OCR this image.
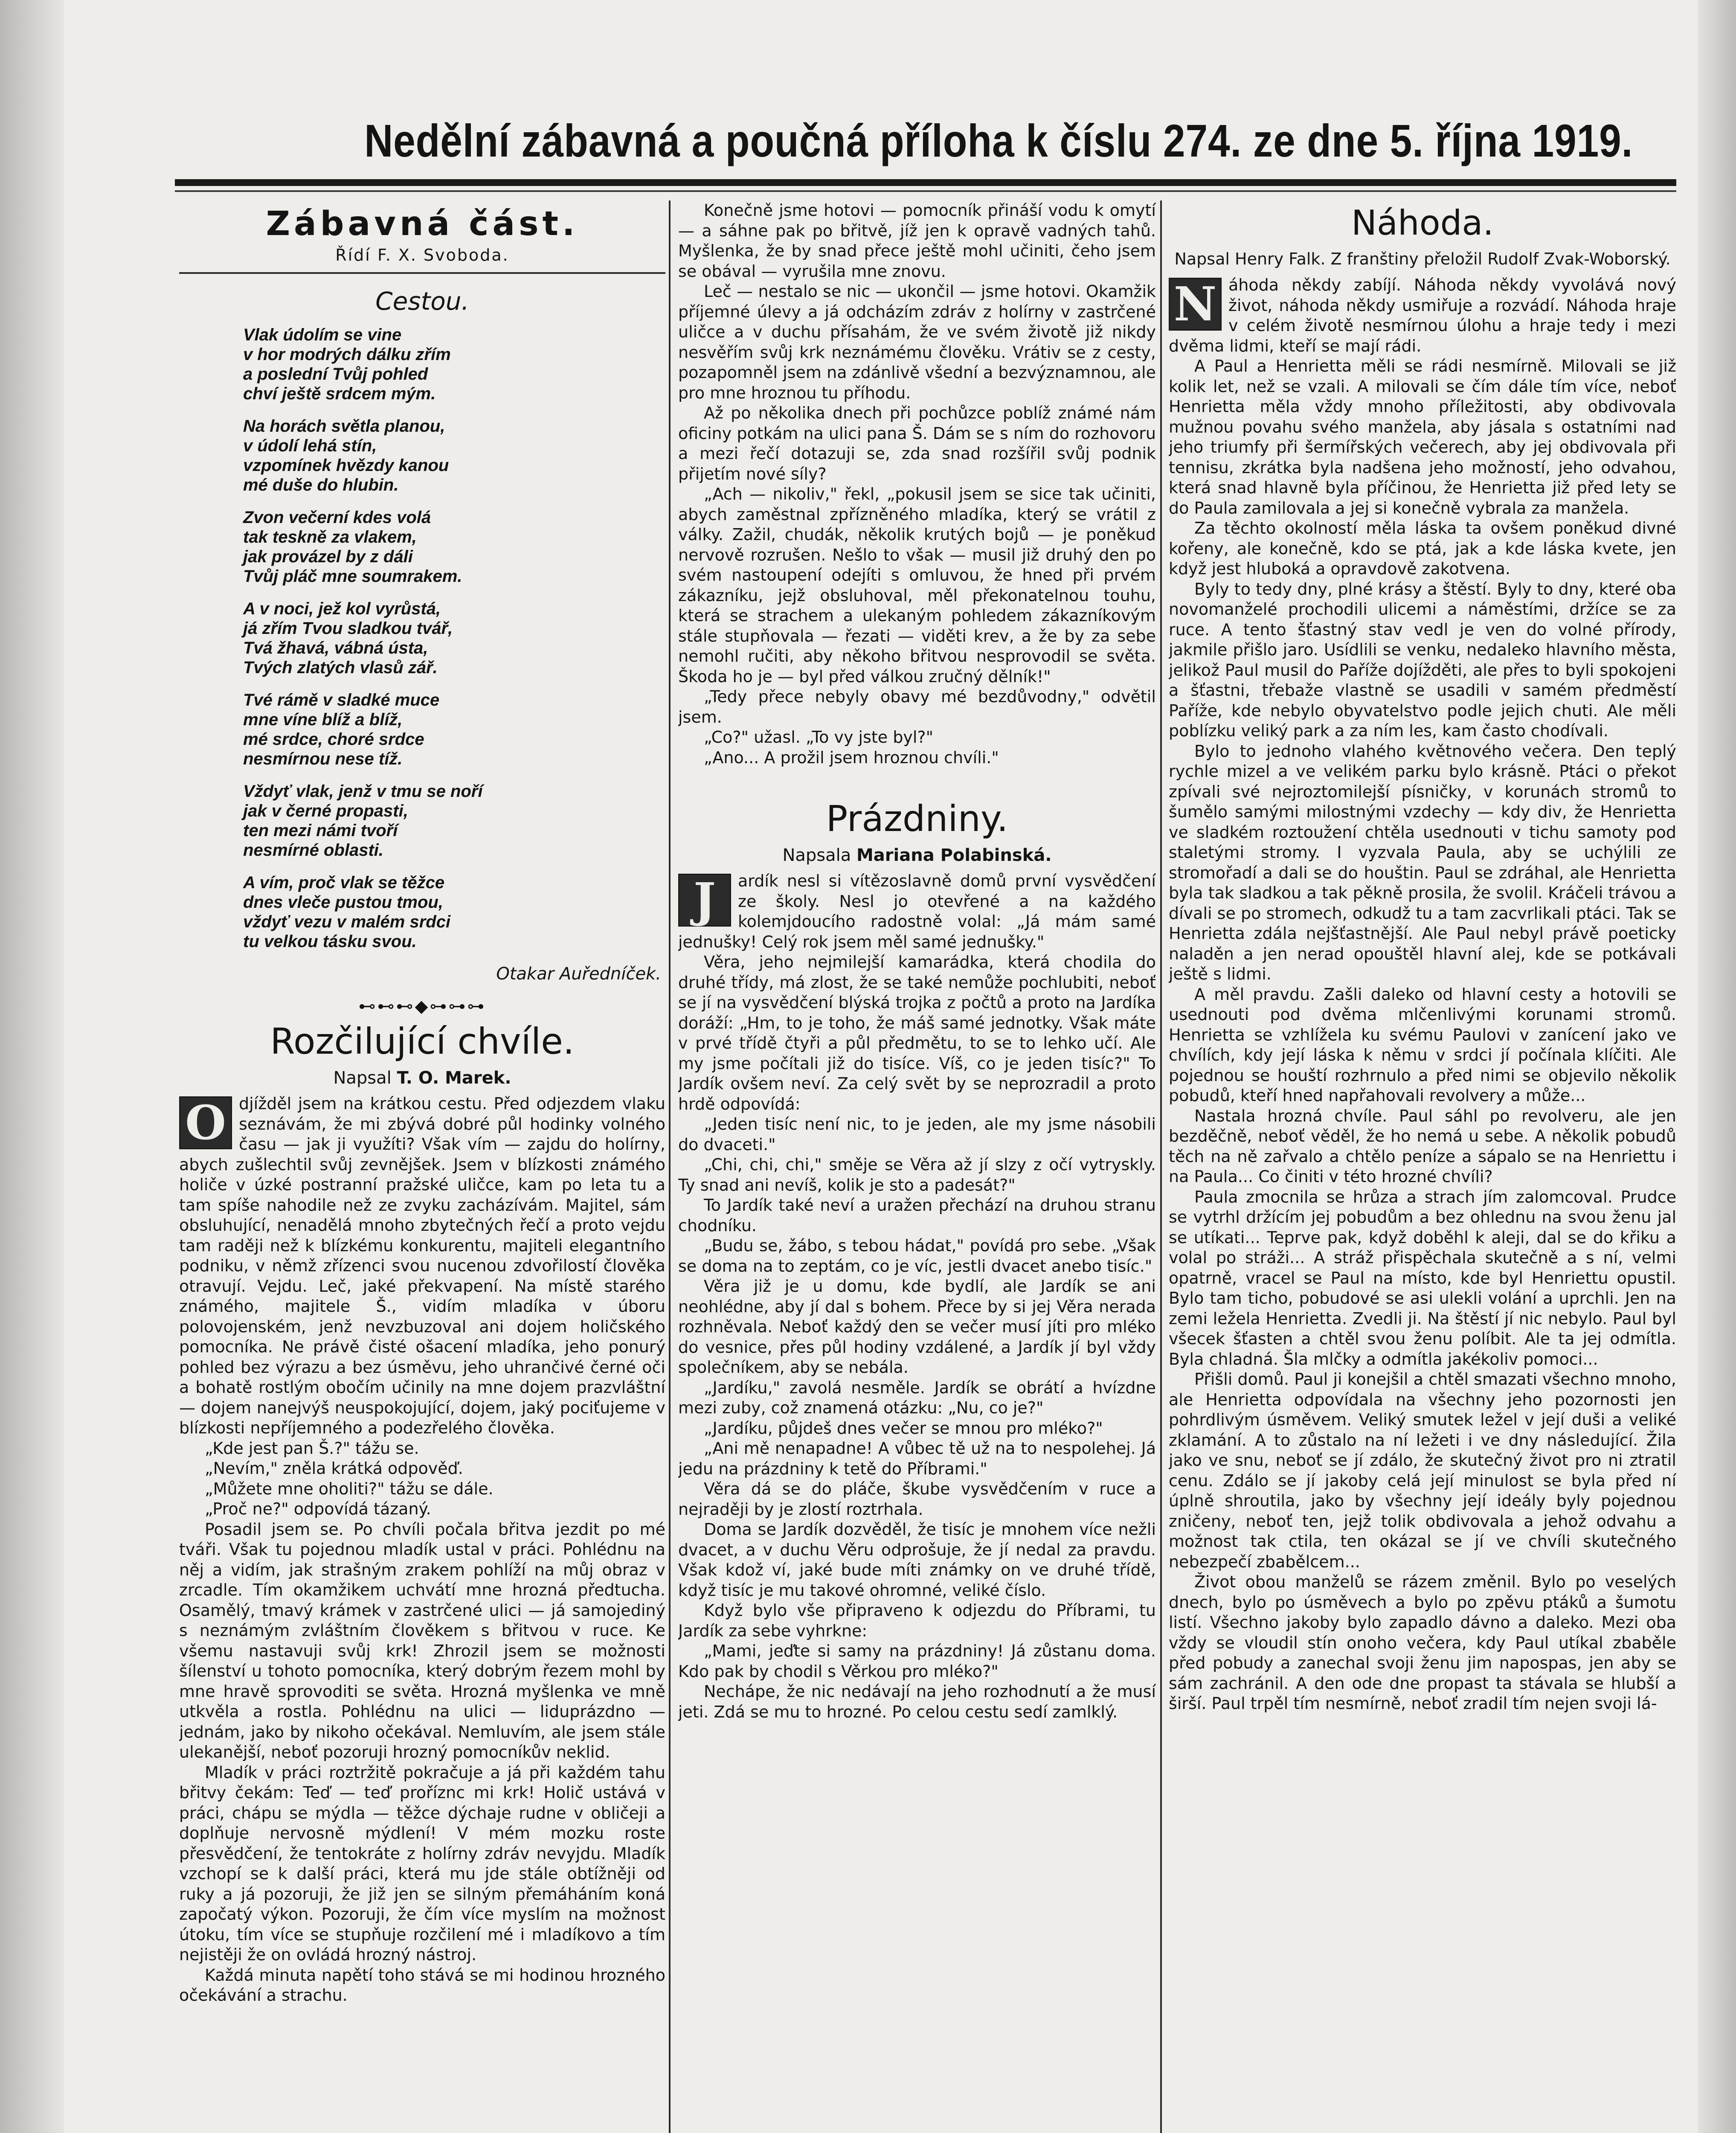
Nedělní zábavná a poučná příloha k číslu 274. ze dne 5. října 1919.
Zábavná část.
Řídí F. X. Svoboda.
Cestou.
Vlak údolím se vine
v hor modrých dálku zřím
a poslední Tvůj pohled
chví ještě srdcem mým.
Na horách světla planou,
v údolí lehá stín,
vzpomínek hvězdy kanou
mé duše do hlubin.
Zvon večerní kdes volá
tak teskně za vlakem,
jak provázel by z dáli
Tvůj pláč mne soumrakem.
A v noci, jež kol vyrůstá,
já zřím Tvou sladkou tvář,
Tvá žhavá, vábná ústa,
Tvých zlatých vlasů zář.
Tvé rámě v sladké muce
mne víne blíž a blíž,
mé srdce, choré srdce
nesmírnou nese tíž.
Vždyť vlak, jenž v tmu se noří
jak v černé propasti,
ten mezi námi tvoří
nesmírné oblasti.
A vím, proč vlak se těžce
dnes vleče pustou tmou,
vždyť vezu v malém srdci
tu velkou tásku svou.
Otakar Auředníček.
⊷⊷⊷◆⊶⊶⊶
Rozčilující chvíle.
Napsal T. O. Marek.
O djížděl jsem na krátkou cestu. Před odjezdem vlaku seznávám, že mi zbývá dobré půl hodinky volného času — jak ji využíti? Však vím — zajdu do holírny, abych zušlechtil svůj zevnějšek. Jsem v blízkosti známého holiče v úzké postranní pražské uličce, kam po leta tu a tam spíše nahodile než ze zvyku zacházívám. Majitel, sám obsluhující, nenadělá mnoho zbytečných řečí a proto vejdu tam raději než k blízkému konkurentu, majiteli elegantního podniku, v němž zřízenci svou nucenou zdvořilostí člověka otravují. Vejdu. Leč, jaké překvapení. Na místě starého známého, majitele Š., vidím mladíka v úboru polovojenském, jenž nevzbuzoval ani dojem holičského pomocníka. Ne právě čisté ošacení mladíka, jeho ponurý pohled bez výrazu a bez úsměvu, jeho uhrančivé černé oči a bohatě rostlým obočím učinily na mne dojem prazvláštní — dojem nanejvýš neuspokojující, dojem, jaký pociťujeme v blízkosti nepříjemného a podezřelého člověka.

„Kde jest pan Š.?" tážu se.

„Nevím," zněla krátká odpověď.

„Můžete mne oholiti?" tážu se dále.

„Proč ne?" odpovídá tázaný.

Posadil jsem se. Po chvíli počala břitva jezdit po mé tváři. Však tu pojednou mladík ustal v práci. Pohlédnu na něj a vidím, jak strašným zrakem pohlíží na můj obraz v zrcadle. Tím okamžikem uchvátí mne hrozná předtucha. Osamělý, tmavý krámek v zastrčené ulici — já samojediný s neznámým zvláštním člověkem s břitvou v ruce. Ke všemu nastavuji svůj krk! Zhrozil jsem se možnosti šílenství u tohoto pomocníka, který dobrým řezem mohl by mne hravě sprovoditi se světa. Hrozná myšlenka ve mně utkvěla a rostla. Pohlédnu na ulici — liduprázdno — jednám, jako by nikoho očekával. Nemluvím, ale jsem stále ulekanější, neboť pozoruji hrozný pomocníkův neklid.

Mladík v práci roztržitě pokračuje a já při každém tahu břitvy čekám: Teď — teď proříznc mi krk! Holič ustává v práci, chápu se mýdla — těžce dýchaje rudne v obličeji a doplňuje nervosně mýdlení! V mém mozku roste přesvědčení, že tentokráte z holírny zdráv nevyjdu. Mladík vzchopí se k další práci, která mu jde stále obtížněji od ruky a já pozoruji, že již jen se silným přemáháním koná započatý výkon. Pozoruji, že čím více myslím na možnost útoku, tím více se stupňuje rozčilení mé i mladíkovo a tím nejistěji že on ovládá hrozný nástroj.

Každá minuta napětí toho stává se mi hodinou hrozného očekávání a strachu.

Konečně jsme hotovi — pomocník přináší vodu k omytí — a sáhne pak po břitvě, jíž jen k opravě vadných tahů. Myšlenka, že by snad přece ještě mohl učiniti, čeho jsem se obával — vyrušila mne znovu.

Leč — nestalo se nic — ukončil — jsme hotovi. Okamžik příjemné úlevy a já odcházím zdráv z holírny v zastrčené uličce a v duchu přísahám, že ve svém životě již nikdy nesvěřím svůj krk neznámému člověku. Vrátiv se z cesty, pozapomněl jsem na zdánlivě všední a bezvýznamnou, ale pro mne hroznou tu příhodu.

Až po několika dnech při pochůzce poblíž známé nám oficiny potkám na ulici pana Š. Dám se s ním do rozhovoru a mezi řečí dotazuji se, zda snad rozšířil svůj podnik přijetím nové síly?

„Ach — nikoliv," řekl, „pokusil jsem se sice tak učiniti, abych zaměstnal zpřízněného mladíka, který se vrátil z války. Zažil, chudák, několik krutých bojů — je poněkud nervově rozrušen. Nešlo to však — musil již druhý den po svém nastoupení odejíti s omluvou, že hned při prvém zákazníku, jejž obsluhoval, měl překonatelnou touhu, která se strachem a ulekaným pohledem zákazníkovým stále stupňovala — řezati — viděti krev, a že by za sebe nemohl ručiti, aby někoho břitvou nesprovodil se světa. Škoda ho je — byl před válkou zručný dělník!"

„Tedy přece nebyly obavy mé bezdůvodny," odvětil jsem.

„Co?" užasl. „To vy jste byl?"

„Ano... A prožil jsem hroznou chvíli."

Prázdniny.
Napsala Mariana Polabinská.
J	ardík nesl si vítězoslavně domů první vysvědčení ze školy. Nesl jo otevřené a na každého kolemjdoucího radostně volal: „Já mám samé jednušky! Celý rok jsem měl samé jednušky."

Věra, jeho nejmilejší kamarádka, která chodila do druhé třídy, má zlost, že se také nemůže pochlubiti, neboť se jí na vysvědčení blýská trojka z počtů a proto na Jardíka doráží: „Hm, to je toho, že máš samé jednotky. Však máte v prvé třídě čtyři a půl předmětu, to se to lehko učí. Ale my jsme počítali již do tisíce. Víš, co je jeden tisíc?" To Jardík ovšem neví. Za celý svět by se neprozradil a proto hrdě odpovídá:

„Jeden tisíc není nic, to je jeden, ale my jsme násobili do dvaceti."

„Chi, chi, chi," směje se Věra až jí slzy z očí vytryskly. Ty snad ani nevíš, kolik je sto a padesát?"

To Jardík také neví a uražen přechází na druhou stranu chodníku.

„Budu se, žábo, s tebou hádat," povídá pro sebe. „Však se doma na to zeptám, co je víc, jestli dvacet anebo tisíc."

Věra již je u domu, kde bydlí, ale Jardík se ani neohlédne, aby jí dal s bohem. Přece by si jej Věra nerada rozhněvala. Neboť každý den se večer musí jíti pro mléko do vesnice, přes půl hodiny vzdálené, a Jardík jí byl vždy společníkem, aby se nebála.

„Jardíku," zavolá nesměle. Jardík se obrátí a hvízdne mezi zuby, což znamená otázku: „Nu, co je?"

„Jardíku, půjdeš dnes večer se mnou pro mléko?"

„Ani mě nenapadne! A vůbec tě už na to nespolehej. Já jedu na prázdniny k tetě do Příbrami."

Věra dá se do pláče, škube vysvědčením v ruce a nejraději by je zlostí roztrhala.

Doma se Jardík dozvěděl, že tisíc je mnohem více nežli dvacet, a v duchu Věru odprošuje, že jí nedal za pravdu. Však kdož ví, jaké bude míti známky on ve druhé třídě, když tisíc je mu takové ohromné, veliké číslo.

Když bylo vše připraveno k odjezdu do Příbrami, tu Jardík za sebe vyhrkne:

„Mami, jeďte si samy na prázdniny! Já zůstanu doma. Kdo pak by chodil s Věrkou pro mléko?"

Nechápe, že nic nedávají na jeho rozhodnutí a že musí jeti. Zdá se mu to hrozné. Po celou cestu sedí zamlklý.

Náhoda.
Napsal Henry Falk. Z franštiny přeložil Rudolf Zvak-Woborský.
N áhoda někdy zabíjí. Náhoda někdy vyvolává nový život, náhoda někdy usmiřuje a rozvádí. Náhoda hraje v celém životě nesmírnou úlohu a hraje tedy i mezi dvěma lidmi, kteří se mají rádi.

A Paul a Henrietta měli se rádi nesmírně. Milovali se již kolik let, než se vzali. A milovali se čím dále tím více, neboť Henrietta měla vždy mnoho příležitosti, aby obdivovala mužnou povahu svého manžela, aby jásala s ostatními nad jeho triumfy při šermířských večerech, aby jej obdivovala při tennisu, zkrátka byla nadšena jeho možností, jeho odvahou, která snad hlavně byla příčinou, že Henrietta již před lety se do Paula zamilovala a jej si konečně vybrala za manžela.

Za těchto okolností měla láska ta ovšem poněkud divné kořeny, ale konečně, kdo se ptá, jak a kde láska kvete, jen když jest hluboká a opravdově zakotvena.

Byly to tedy dny, plné krásy a štěstí. Byly to dny, které oba novomanželé prochodili ulicemi a náměstími, držíce se za ruce. A tento šťastný stav vedl je ven do volné přírody, jakmile přišlo jaro. Usídlili se venku, nedaleko hlavního města, jelikož Paul musil do Paříže dojížděti, ale přes to byli spokojeni a šťastni, třebaže vlastně se usadili v samém předměstí Paříže, kde nebylo obyvatelstvo podle jejich chuti. Ale měli poblízku veliký park a za ním les, kam často chodívali.

Bylo to jednoho vlahého květnového večera. Den teplý rychle mizel a ve velikém parku bylo krásně. Ptáci o překot zpívali své nejroztomilejší písničky, v korunách stromů to šumělo samými milostnými vzdechy — kdy div, že Henrietta ve sladkém roztoužení chtěla usednouti v tichu samoty pod staletými stromy. I vyzvala Paula, aby se uchýlili ze stromořadí a dali se do houštin. Paul se zdráhal, ale Henrietta byla tak sladkou a tak pěkně prosila, že svolil. Kráčeli trávou a dívali se po stromech, odkudž tu a tam zacvrlikali ptáci. Tak se Henrietta zdála nejšťastnější. Ale Paul nebyl právě poeticky naladěn a jen nerad opouštěl hlavní alej, kde se potkávali ještě s lidmi.

A měl pravdu. Zašli daleko od hlavní cesty a hotovili se usednouti pod dvěma mlčenlivými korunami stromů. Henrietta se vzhlížela ku svému Paulovi v zanícení jako ve chvílích, kdy její láska k němu v srdci jí počínala klíčiti. Ale pojednou se houští rozhrnulo a před nimi se objevilo několik pobudů, kteří hned napřahovali revolvery a může...

Nastala hrozná chvíle. Paul sáhl po revolveru, ale jen bezděčně, neboť věděl, že ho nemá u sebe. A několik pobudů těch na ně zařvalo a chtělo peníze a sápalo se na Henriettu i na Paula... Co činiti v této hrozné chvíli?

Paula zmocnila se hrůza a strach jím zalomcoval. Prudce se vytrhl držícím jej pobudům a bez ohlednu na svou ženu jal se utíkati... Teprve pak, když doběhl k aleji, dal se do křiku a volal po stráži... A stráž přispěchala skutečně a s ní, velmi opatrně, vracel se Paul na místo, kde byl Henriettu opustil. Bylo tam ticho, pobudové se asi ulekli volání a uprchli. Jen na zemi ležela Henrietta. Zvedli ji. Na štěstí jí nic nebylo. Paul byl všecek šťasten a chtěl svou ženu políbit. Ale ta jej odmítla. Byla chladná. Šla mlčky a odmítla jakékoliv pomoci...

Přišli domů. Paul ji konejšil a chtěl smazati všechno mnoho, ale Henrietta odpovídala na všechny jeho pozornosti jen pohrdlivým úsměvem. Veliký smutek ležel v její duši a veliké zklamání. A to zůstalo na ní ležeti i ve dny následující. Žila jako ve snu, neboť se jí zdálo, že skutečný život pro ni ztratil cenu. Zdálo se jí jakoby celá její minulost se byla před ní úplně shroutila, jako by všechny její ideály byly pojednou zničeny, neboť ten, jejž tolik obdivovala a jehož odvahu a možnost tak ctila, ten okázal se jí ve chvíli skutečného nebezpečí zbabělcem...

Život obou manželů se rázem změnil. Bylo po veselých dnech, bylo po úsměvech a bylo po zpěvu ptáků a šumotu listí. Všechno jakoby bylo zapadlo dávno a daleko. Mezi oba vždy se vloudil stín onoho večera, kdy Paul utíkal zbaběle před pobudy a zanechal svoji ženu jim napospas, jen aby se sám zachránil. A den ode dne propast ta stávala se hlubší a širší. Paul trpěl tím nesmírně, neboť zradil tím nejen svoji lá-
